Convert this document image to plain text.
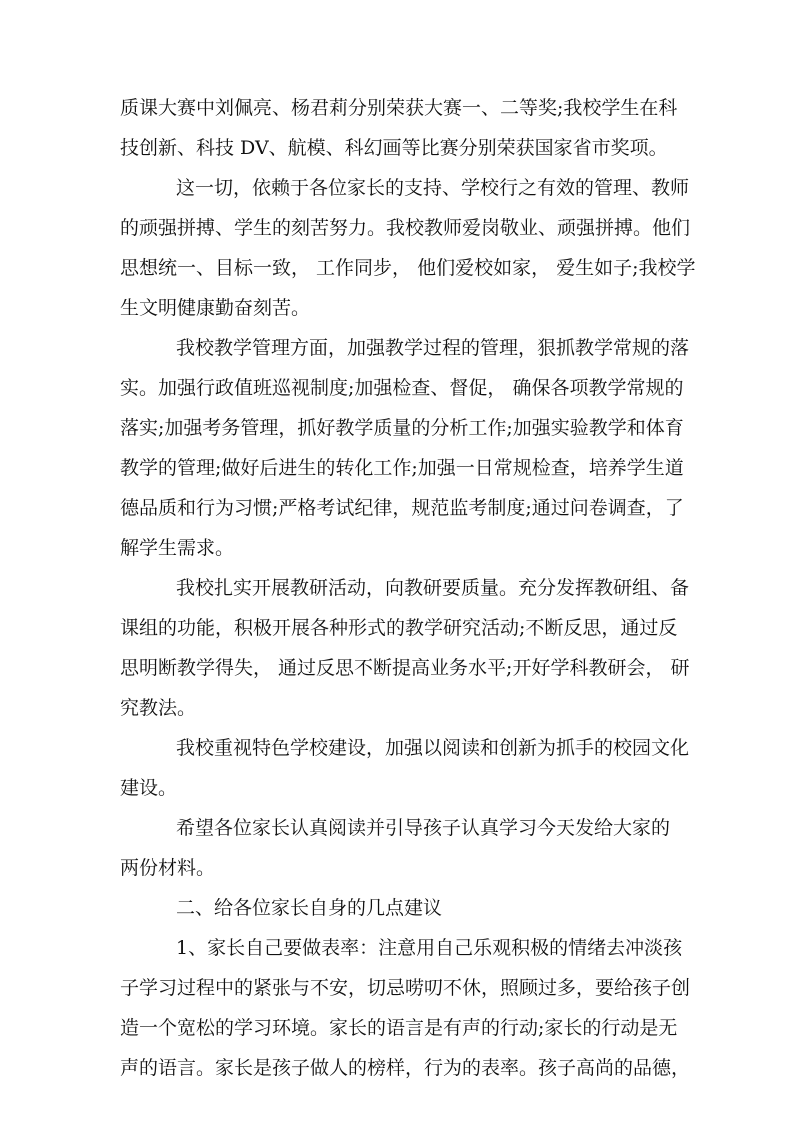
质课大赛中刘佩亮、杨君莉分别荣获大赛一、二等奖;我校学生在科
技创新、科技 DV、航模、科幻画等比赛分别荣获国家省市奖项。
这一切，依赖于各位家长的支持、学校行之有效的管理、教师
的顽强拼搏、学生的刻苦努力。我校教师爱岗敬业、顽强拼搏。他们
思想统一、目标一致， 工作同步， 他们爱校如家， 爱生如子;我校学
生文明健康勤奋刻苦。
我校教学管理方面，加强教学过程的管理，狠抓教学常规的落
实。加强行政值班巡视制度;加强检查、督促， 确保各项教学常规的
落实;加强考务管理，抓好教学质量的分析工作;加强实验教学和体育
教学的管理;做好后进生的转化工作;加强一日常规检查，培养学生道
德品质和行为习惯;严格考试纪律，规范监考制度;通过问卷调查，了
解学生需求。
我校扎实开展教研活动，向教研要质量。充分发挥教研组、备
课组的功能，积极开展各种形式的教学研究活动;不断反思，通过反
思明断教学得失， 通过反思不断提高业务水平;开好学科教研会， 研
究教法。
我校重视特色学校建设，加强以阅读和创新为抓手的校园文化
建设。
希望各位家长认真阅读并引导孩子认真学习今天发给大家的
两份材料。
二、给各位家长自身的几点建议
1、家长自己要做表率：注意用自己乐观积极的情绪去冲淡孩
子学习过程中的紧张与不安，切忌唠叨不休，照顾过多，要给孩子创
造一个宽松的学习环境。家长的语言是有声的行动;家长的行动是无
声的语言。家长是孩子做人的榜样，行为的表率。孩子高尚的品德，
